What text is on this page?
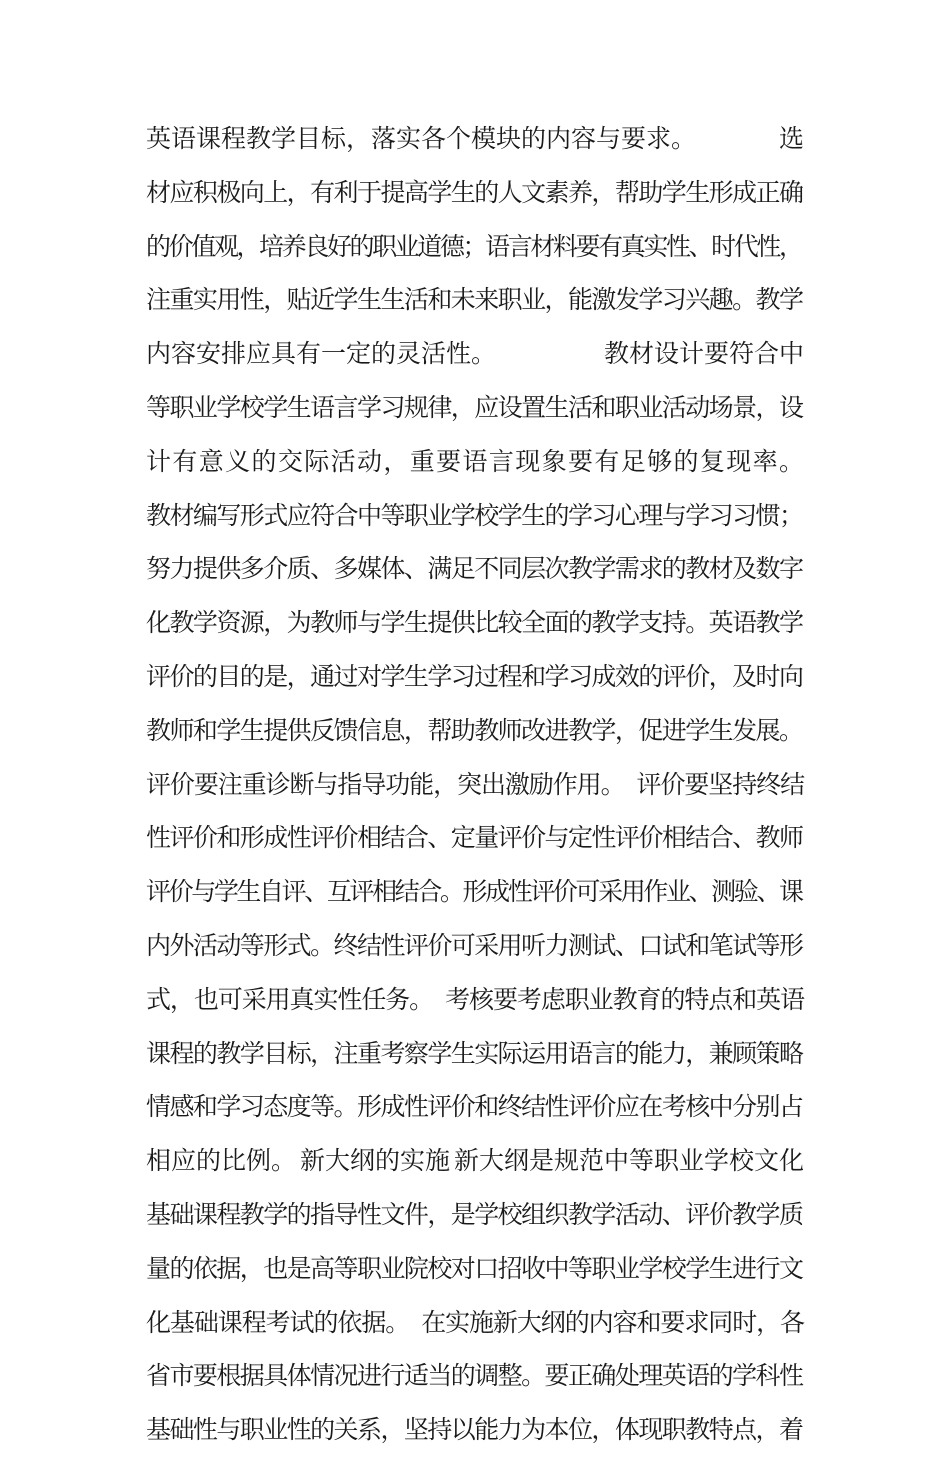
英语课程教学目标，落实各个模块的内容与要求。	选
材应积极向上，有利于提高学生的人文素养，帮助学生形成正确
的价值观，培养良好的职业道德；语言材料要有真实性、时代性，
注重实用性，贴近学生生活和未来职业，能激发学习兴趣。教学
内容安排应具有一定的灵活性。	教材设计要符合中
等职业学校学生语言学习规律，应设置生活和职业活动场景，设
计有意义的交际活动，重要语言现象要有足够的复现率。
教材编写形式应符合中等职业学校学生的学习心理与学习习惯；
努力提供多介质、多媒体、满足不同层次教学需求的教材及数字
化教学资源，为教师与学生提供比较全面的教学支持。英语教学
评价的目的是，通过对学生学习过程和学习成效的评价，及时向
教师和学生提供反馈信息，帮助教师改进教学，促进学生发展。
评价要注重诊断与指导功能，突出激励作用。 评价要坚持终结
性评价和形成性评价相结合、定量评价与定性评价相结合、教师
评价与学生自评、互评相结合。形成性评价可采用作业、测验、课
内外活动等形式。终结性评价可采用听力测试、口试和笔试等形
式，也可采用真实性任务。 考核要考虑职业教育的特点和英语
课程的教学目标，注重考察学生实际运用语言的能力，兼顾策略
情感和学习态度等。形成性评价和终结性评价应在考核中分别占
相应的比例。 新大纲的实施 新大纲是规范中等职业学校文化
基础课程教学的指导性文件，是学校组织教学活动、评价教学质
量的依据，也是高等职业院校对口招收中等职业学校学生进行文
化基础课程考试的依据。 在实施新大纲的内容和要求同时，各
省市要根据具体情况进行适当的调整。要正确处理英语的学科性
基础性与职业性的关系，坚持以能力为本位，体现职教特点，着
